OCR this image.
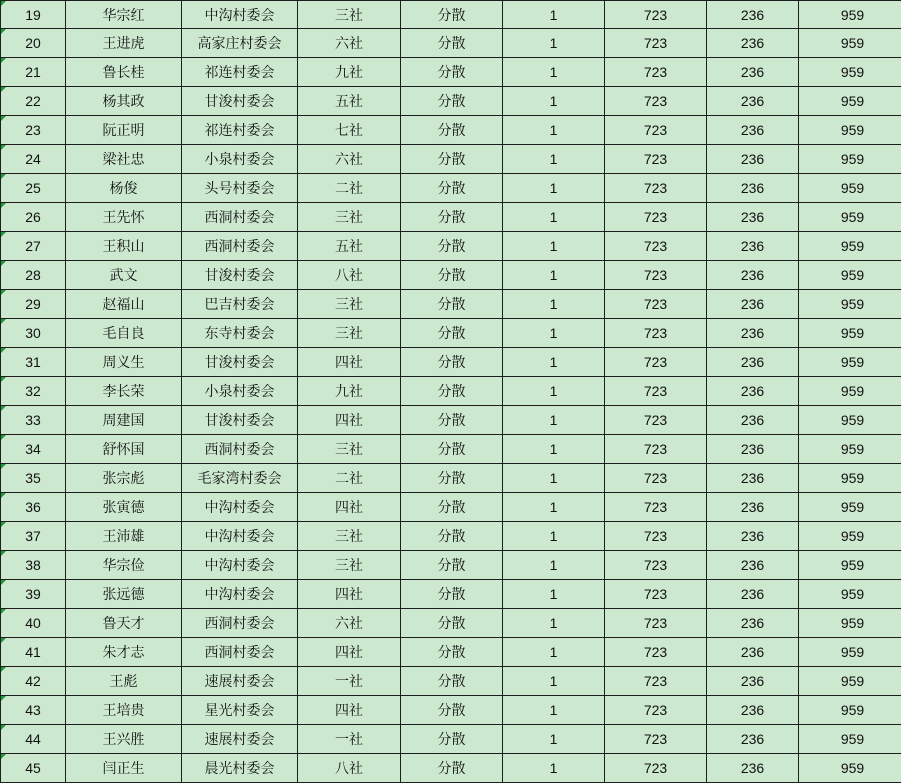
19	华宗红	中沟村委会	三社	分散	1	723	236	959
20	王进虎	高家庄村委会	六社	分散	1	723	236	959
21	鲁长桂	祁连村委会	九社	分散	1	723	236	959
22	杨其政	甘浚村委会	五社	分散	1	723	236	959
23	阮正明	祁连村委会	七社	分散	1	723	236	959
24	梁社忠	小泉村委会	六社	分散	1	723	236	959
25	杨俊	头号村委会	二社	分散	1	723	236	959
26	王先怀	西洞村委会	三社	分散	1	723	236	959
27	王积山	西洞村委会	五社	分散	1	723	236	959
28	武文	甘浚村委会	八社	分散	1	723	236	959
29	赵福山	巴吉村委会	三社	分散	1	723	236	959
30	毛自良	东寺村委会	三社	分散	1	723	236	959
31	周义生	甘浚村委会	四社	分散	1	723	236	959
32	李长荣	小泉村委会	九社	分散	1	723	236	959
33	周建国	甘浚村委会	四社	分散	1	723	236	959
34	舒怀国	西洞村委会	三社	分散	1	723	236	959
35	张宗彪	毛家湾村委会	二社	分散	1	723	236	959
36	张寅德	中沟村委会	四社	分散	1	723	236	959
37	王沛雄	中沟村委会	三社	分散	1	723	236	959
38	华宗俭	中沟村委会	三社	分散	1	723	236	959
39	张远德	中沟村委会	四社	分散	1	723	236	959
40	鲁天才	西洞村委会	六社	分散	1	723	236	959
41	朱才志	西洞村委会	四社	分散	1	723	236	959
42	王彪	速展村委会	一社	分散	1	723	236	959
43	王培贵	星光村委会	四社	分散	1	723	236	959
44	王兴胜	速展村委会	一社	分散	1	723	236	959
45	闫正生	晨光村委会	八社	分散	1	723	236	959
